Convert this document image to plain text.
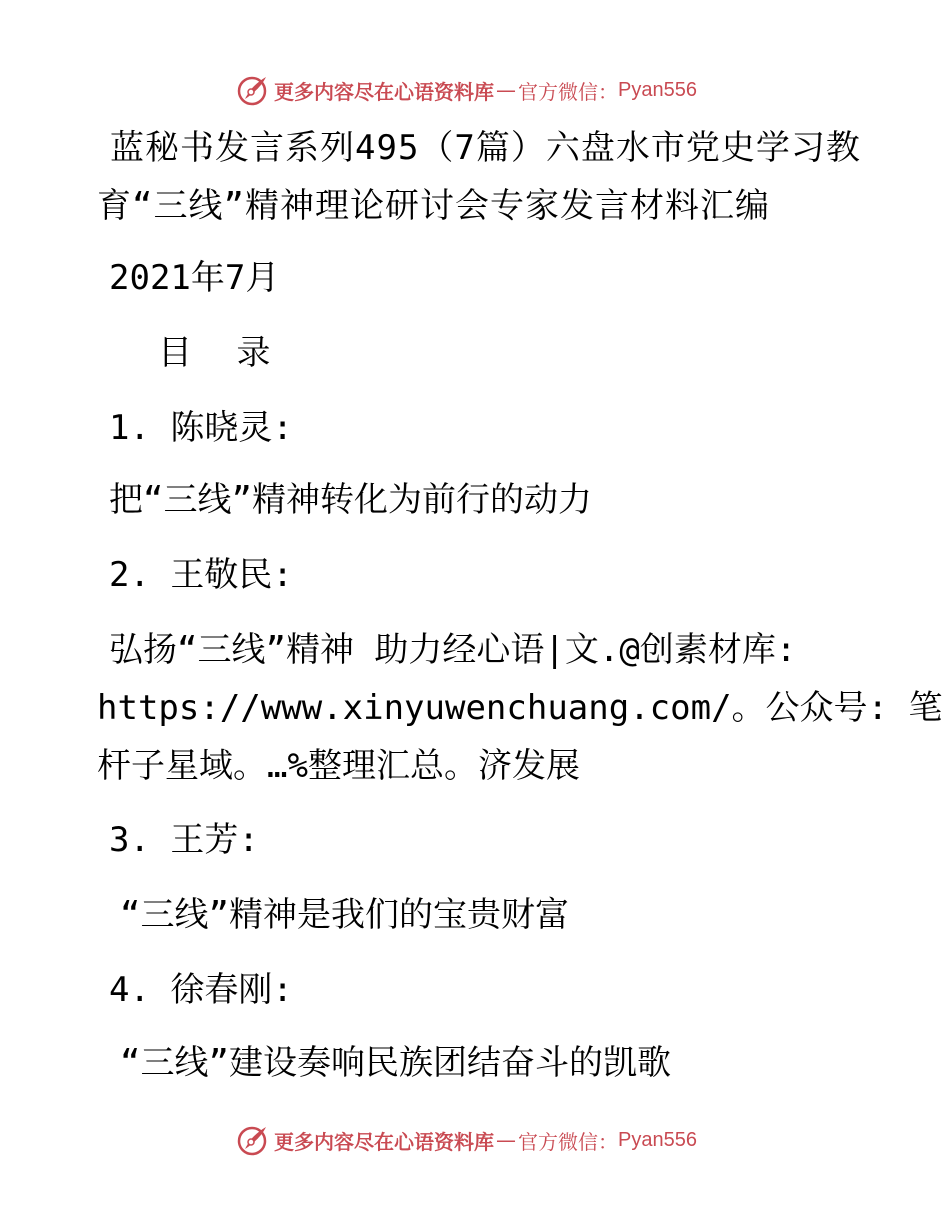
更多内容尽在心语资料库 — 官方微信： Pyan556
蓝秘书发言系列495（7篇）六盘水市党史学习教
育“三线”精神理论研讨会专家发言材料汇编
2021年7月
目 录
1. 陈晓灵:
把“三线”精神转化为前行的动力
2. 王敬民:
弘扬“三线”精神 助力经心语|文.@创素材库:
https://www.xinyuwenchuang.com/。公众号: 笔
杆子星域。…%整理汇总。济发展
3. 王芳:
“三线”精神是我们的宝贵财富
4. 徐春刚:
“三线”建设奏响民族团结奋斗的凯歌
更多内容尽在心语资料库 — 官方微信： Pyan556
